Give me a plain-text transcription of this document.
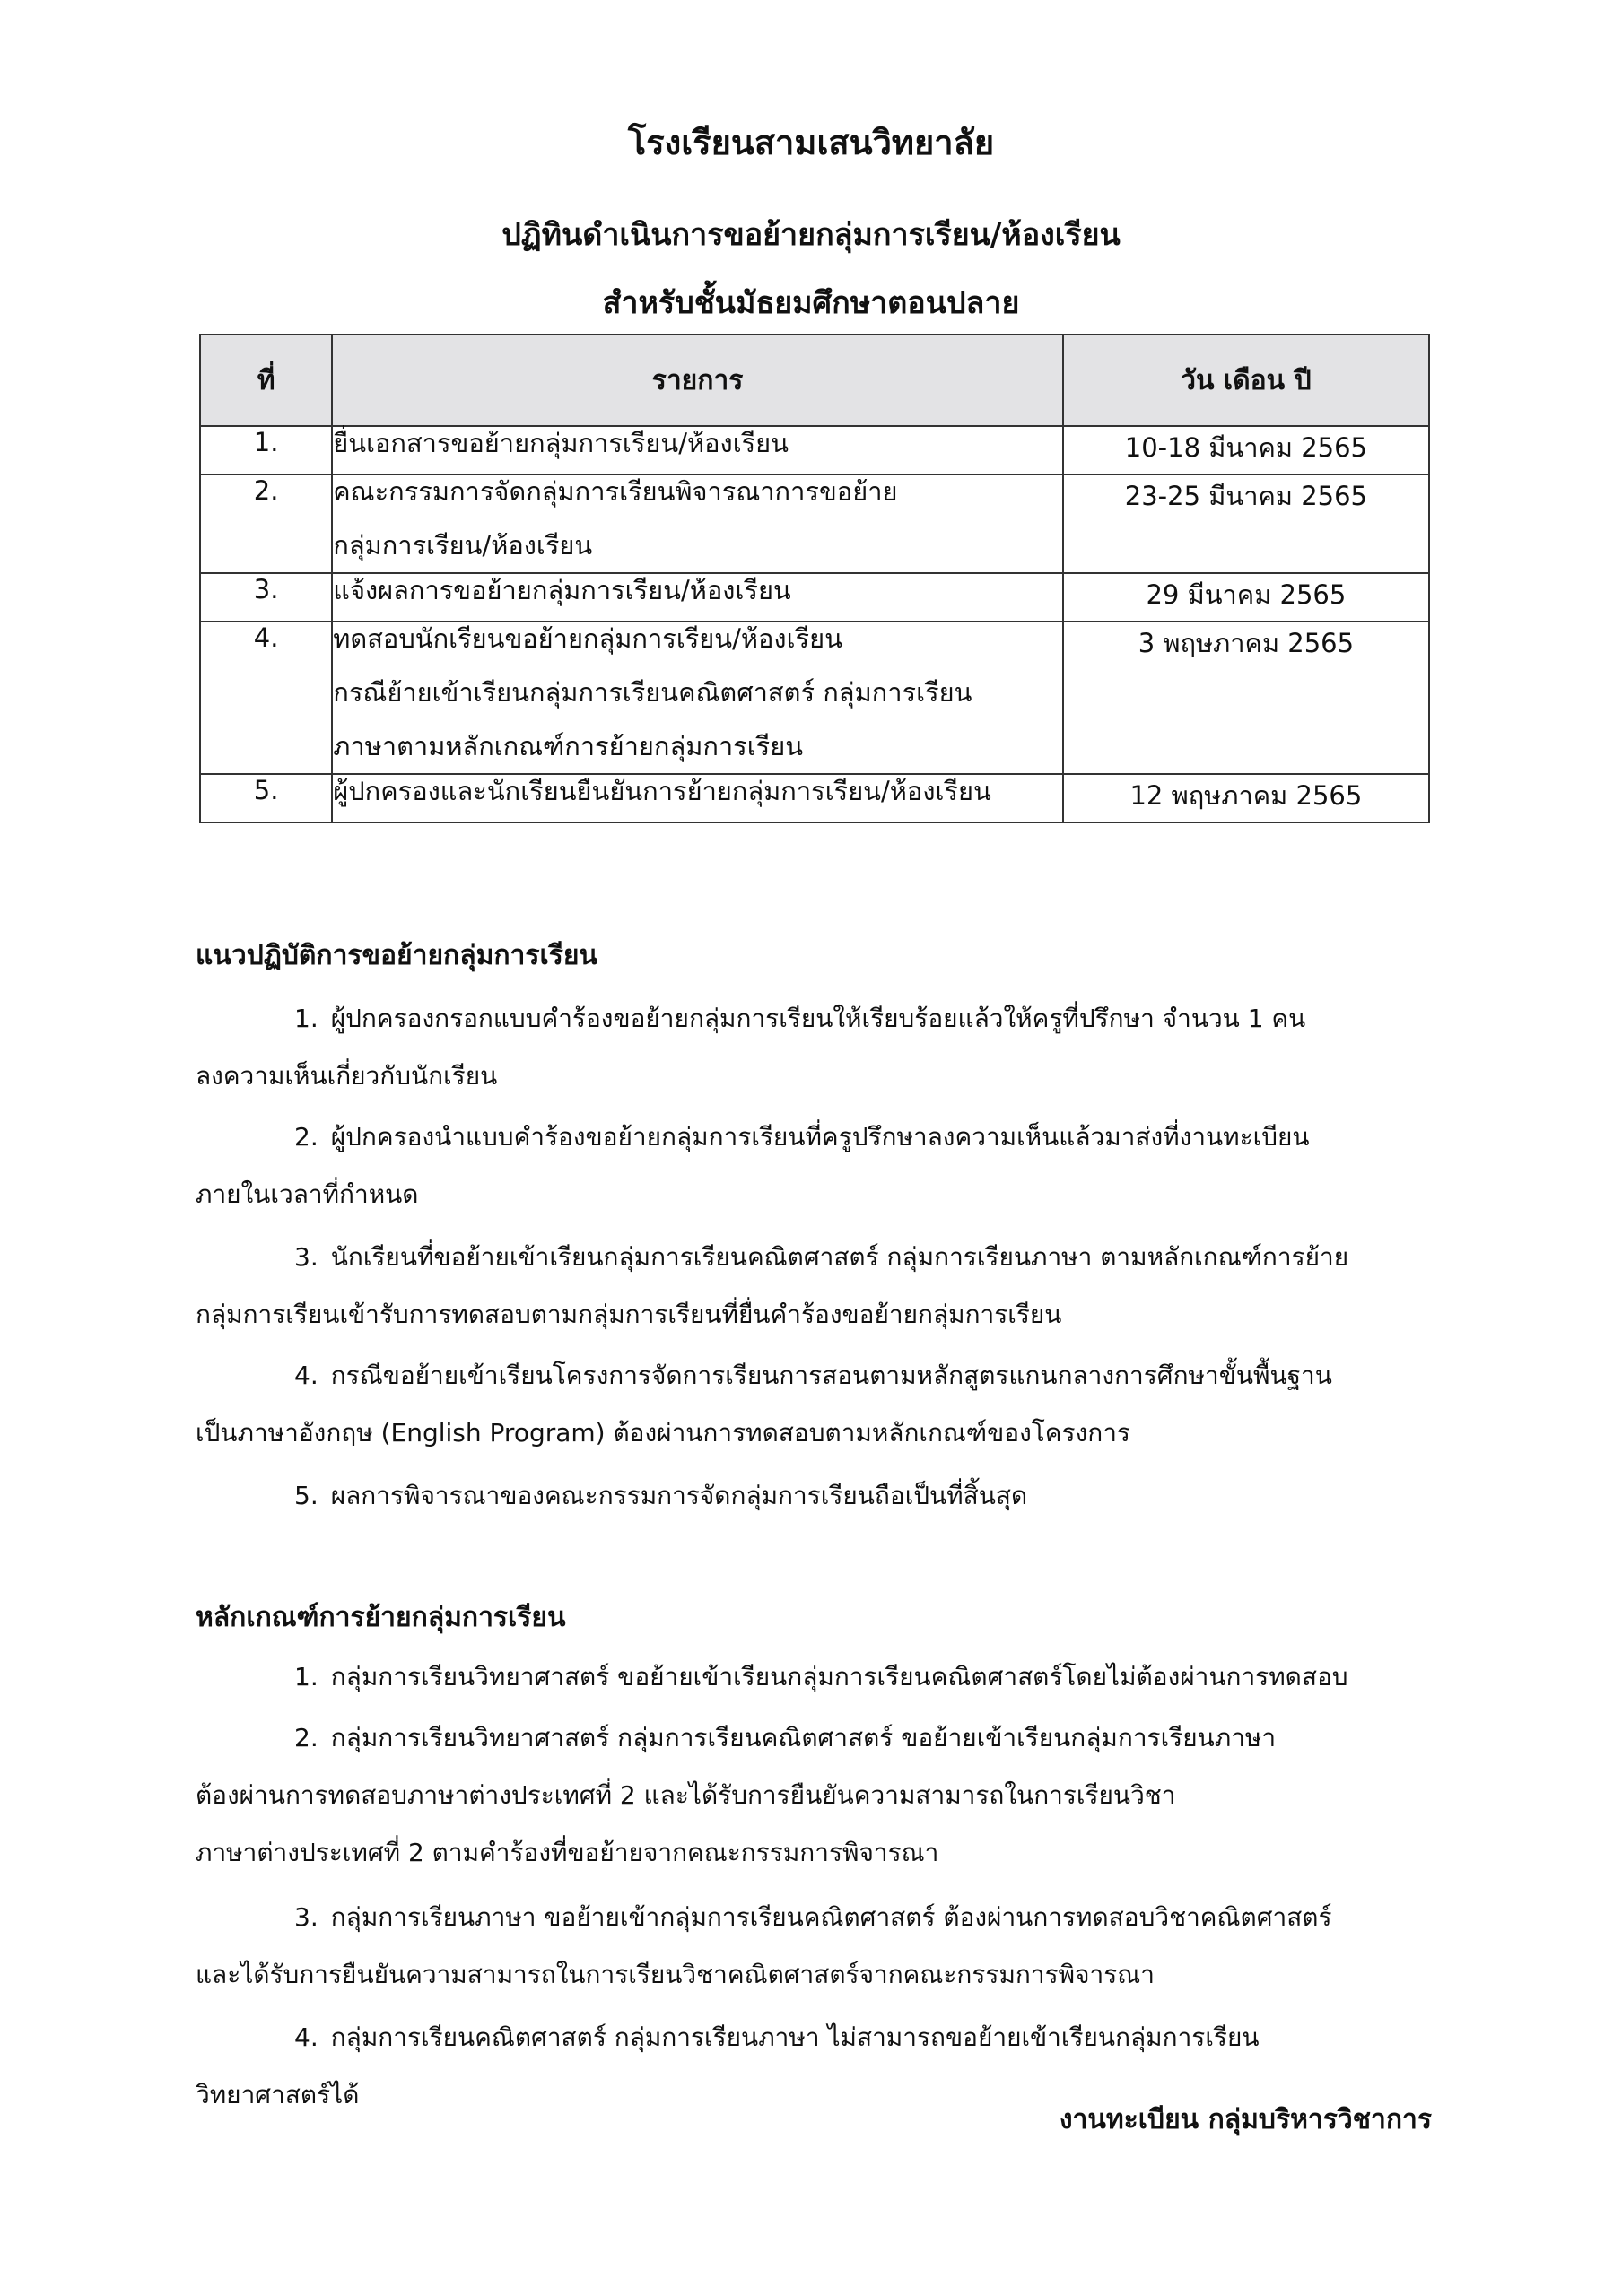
โรงเรียนสามเสนวิทยาลัย
ปฏิทินดำเนินการขอย้ายกลุ่มการเรียน/ห้องเรียน
สำหรับชั้นมัธยมศึกษาตอนปลาย
ที่	รายการ	วัน เดือน ปี
1.	ยื่นเอกสารขอย้ายกลุ่มการเรียน/ห้องเรียน	10-18 มีนาคม 2565
2.	คณะกรรมการจัดกลุ่มการเรียนพิจารณาการขอย้าย
กลุ่มการเรียน/ห้องเรียน	23-25 มีนาคม 2565
3.	แจ้งผลการขอย้ายกลุ่มการเรียน/ห้องเรียน	29 มีนาคม 2565
4.	ทดสอบนักเรียนขอย้ายกลุ่มการเรียน/ห้องเรียน
กรณีย้ายเข้าเรียนกลุ่มการเรียนคณิตศาสตร์ กลุ่มการเรียน
ภาษาตามหลักเกณฑ์การย้ายกลุ่มการเรียน	3 พฤษภาคม 2565
5.	ผู้ปกครองและนักเรียนยืนยันการย้ายกลุ่มการเรียน/ห้องเรียน	12 พฤษภาคม 2565
แนวปฏิบัติการขอย้ายกลุ่มการเรียน
1. ผู้ปกครองกรอกแบบคำร้องขอย้ายกลุ่มการเรียนให้เรียบร้อยแล้วให้ครูที่ปรึกษา จำนวน 1 คน
ลงความเห็นเกี่ยวกับนักเรียน
2. ผู้ปกครองนำแบบคำร้องขอย้ายกลุ่มการเรียนที่ครูปรึกษาลงความเห็นแล้วมาส่งที่งานทะเบียน
ภายในเวลาที่กำหนด
3. นักเรียนที่ขอย้ายเข้าเรียนกลุ่มการเรียนคณิตศาสตร์ กลุ่มการเรียนภาษา ตามหลักเกณฑ์การย้าย
กลุ่มการเรียนเข้ารับการทดสอบตามกลุ่มการเรียนที่ยื่นคำร้องขอย้ายกลุ่มการเรียน
4. กรณีขอย้ายเข้าเรียนโครงการจัดการเรียนการสอนตามหลักสูตรแกนกลางการศึกษาขั้นพื้นฐาน
เป็นภาษาอังกฤษ (English Program) ต้องผ่านการทดสอบตามหลักเกณฑ์ของโครงการ
5. ผลการพิจารณาของคณะกรรมการจัดกลุ่มการเรียนถือเป็นที่สิ้นสุด
หลักเกณฑ์การย้ายกลุ่มการเรียน
1. กลุ่มการเรียนวิทยาศาสตร์ ขอย้ายเข้าเรียนกลุ่มการเรียนคณิตศาสตร์โดยไม่ต้องผ่านการทดสอบ
2. กลุ่มการเรียนวิทยาศาสตร์ กลุ่มการเรียนคณิตศาสตร์ ขอย้ายเข้าเรียนกลุ่มการเรียนภาษา
ต้องผ่านการทดสอบภาษาต่างประเทศที่ 2 และได้รับการยืนยันความสามารถในการเรียนวิชา
ภาษาต่างประเทศที่ 2 ตามคำร้องที่ขอย้ายจากคณะกรรมการพิจารณา
3. กลุ่มการเรียนภาษา ขอย้ายเข้ากลุ่มการเรียนคณิตศาสตร์ ต้องผ่านการทดสอบวิชาคณิตศาสตร์
และได้รับการยืนยันความสามารถในการเรียนวิชาคณิตศาสตร์จากคณะกรรมการพิจารณา
4. กลุ่มการเรียนคณิตศาสตร์ กลุ่มการเรียนภาษา ไม่สามารถขอย้ายเข้าเรียนกลุ่มการเรียน
วิทยาศาสตร์ได้
งานทะเบียน กลุ่มบริหารวิชาการ
